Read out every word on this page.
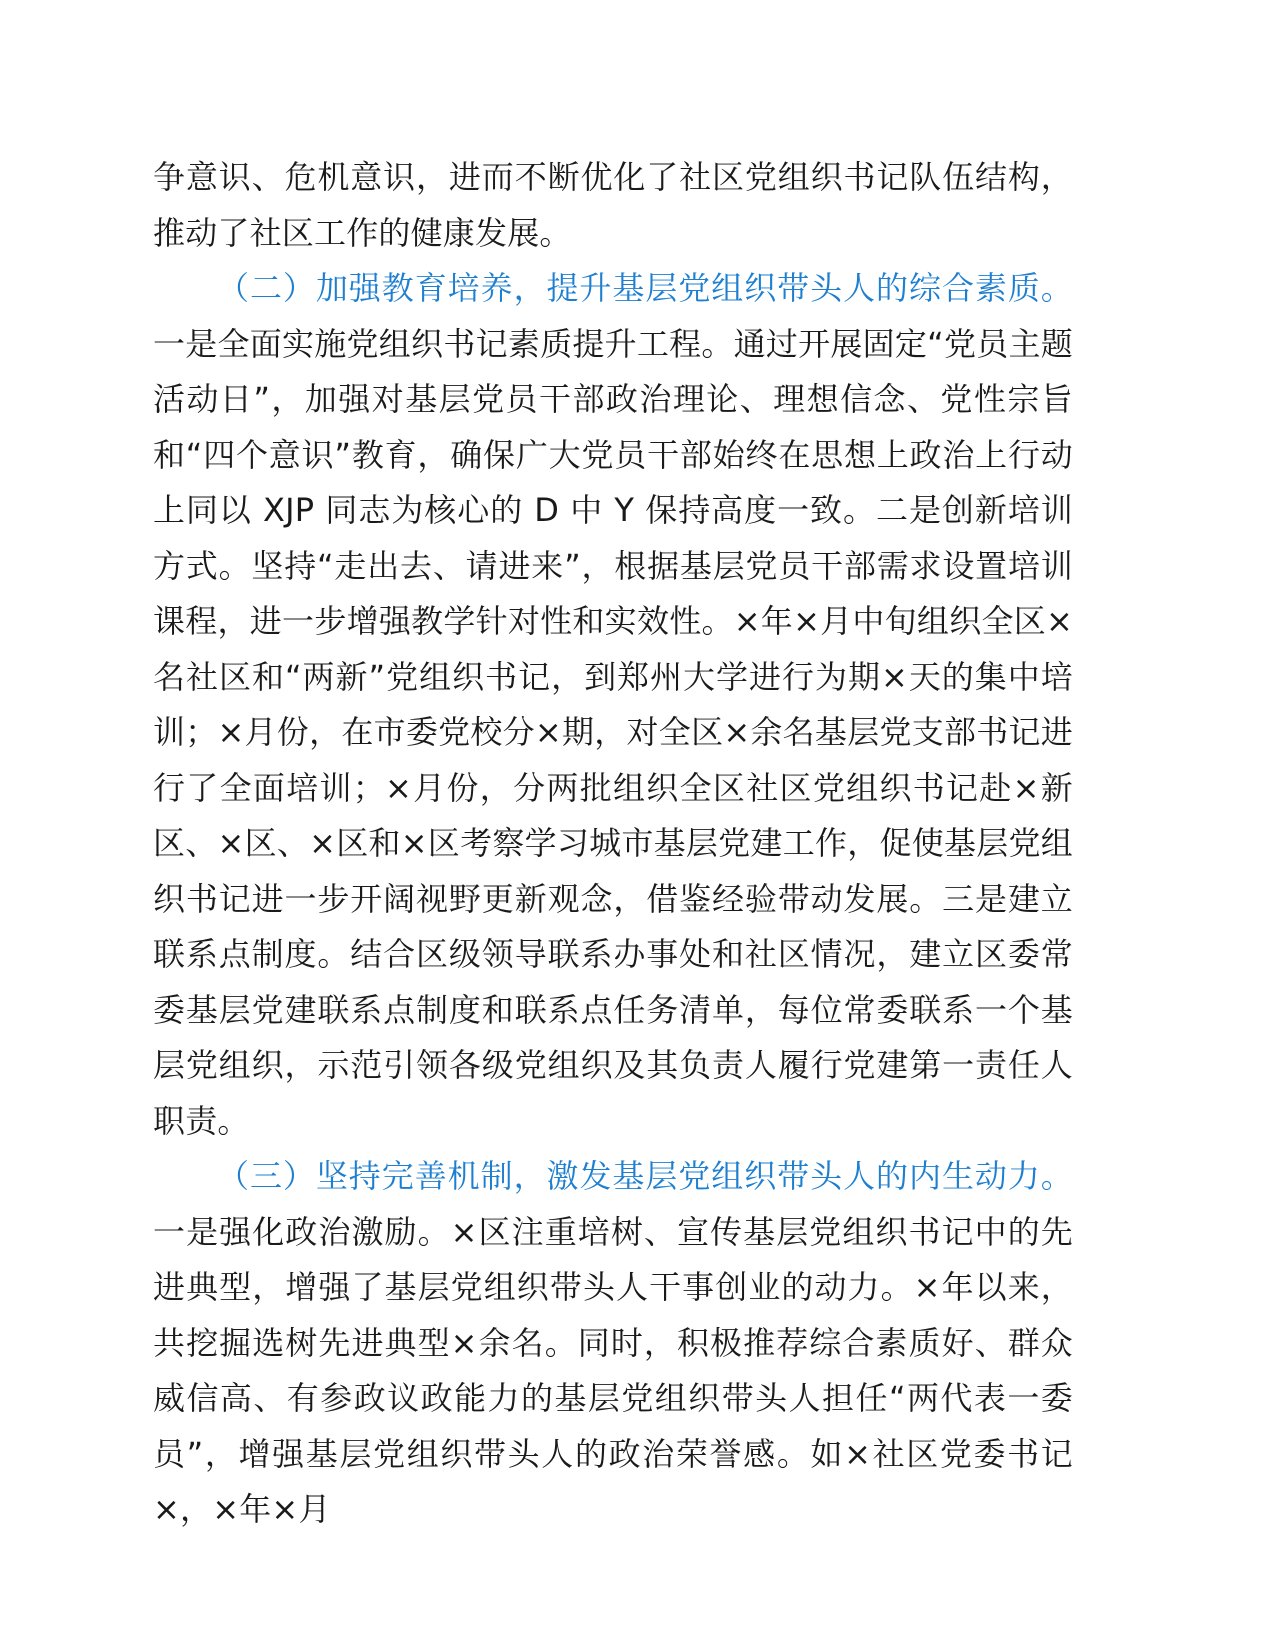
争意识、危机意识，进而不断优化了社区党组织书记队伍结构，推动了社区工作的健康发展。

（二）加强教育培养，提升基层党组织带头人的综合素质。一是全面实施党组织书记素质提升工程。通过开展固定“党员主题活动日”，加强对基层党员干部政治理论、理想信念、党性宗旨和“四个意识”教育，确保广大党员干部始终在思想上政治上行动上同以 XJP 同志为核心的 D 中 Y 保持高度一致。二是创新培训方式。坚持“走出去、请进来”，根据基层党员干部需求设置培训课程，进一步增强教学针对性和实效性。×年×月中旬组织全区×名社区和“两新”党组织书记，到郑州大学进行为期×天的集中培训；×月份，在市委党校分×期，对全区×余名基层党支部书记进行了全面培训；×月份，分两批组织全区社区党组织书记赴×新区、×区、×区和×区考察学习城市基层党建工作，促使基层党组织书记进一步开阔视野更新观念，借鉴经验带动发展。三是建立联系点制度。结合区级领导联系办事处和社区情况，建立区委常委基层党建联系点制度和联系点任务清单，每位常委联系一个基层党组织，示范引领各级党组织及其负责人履行党建第一责任人职责。

（三）坚持完善机制，激发基层党组织带头人的内生动力。一是强化政治激励。×区注重培树、宣传基层党组织书记中的先进典型，增强了基层党组织带头人干事创业的动力。×年以来，共挖掘选树先进典型×余名。同时，积极推荐综合素质好、群众威信高、有参政议政能力的基层党组织带头人担任“两代表一委员”，增强基层党组织带头人的政治荣誉感。如×社区党委书记×，×年×月
